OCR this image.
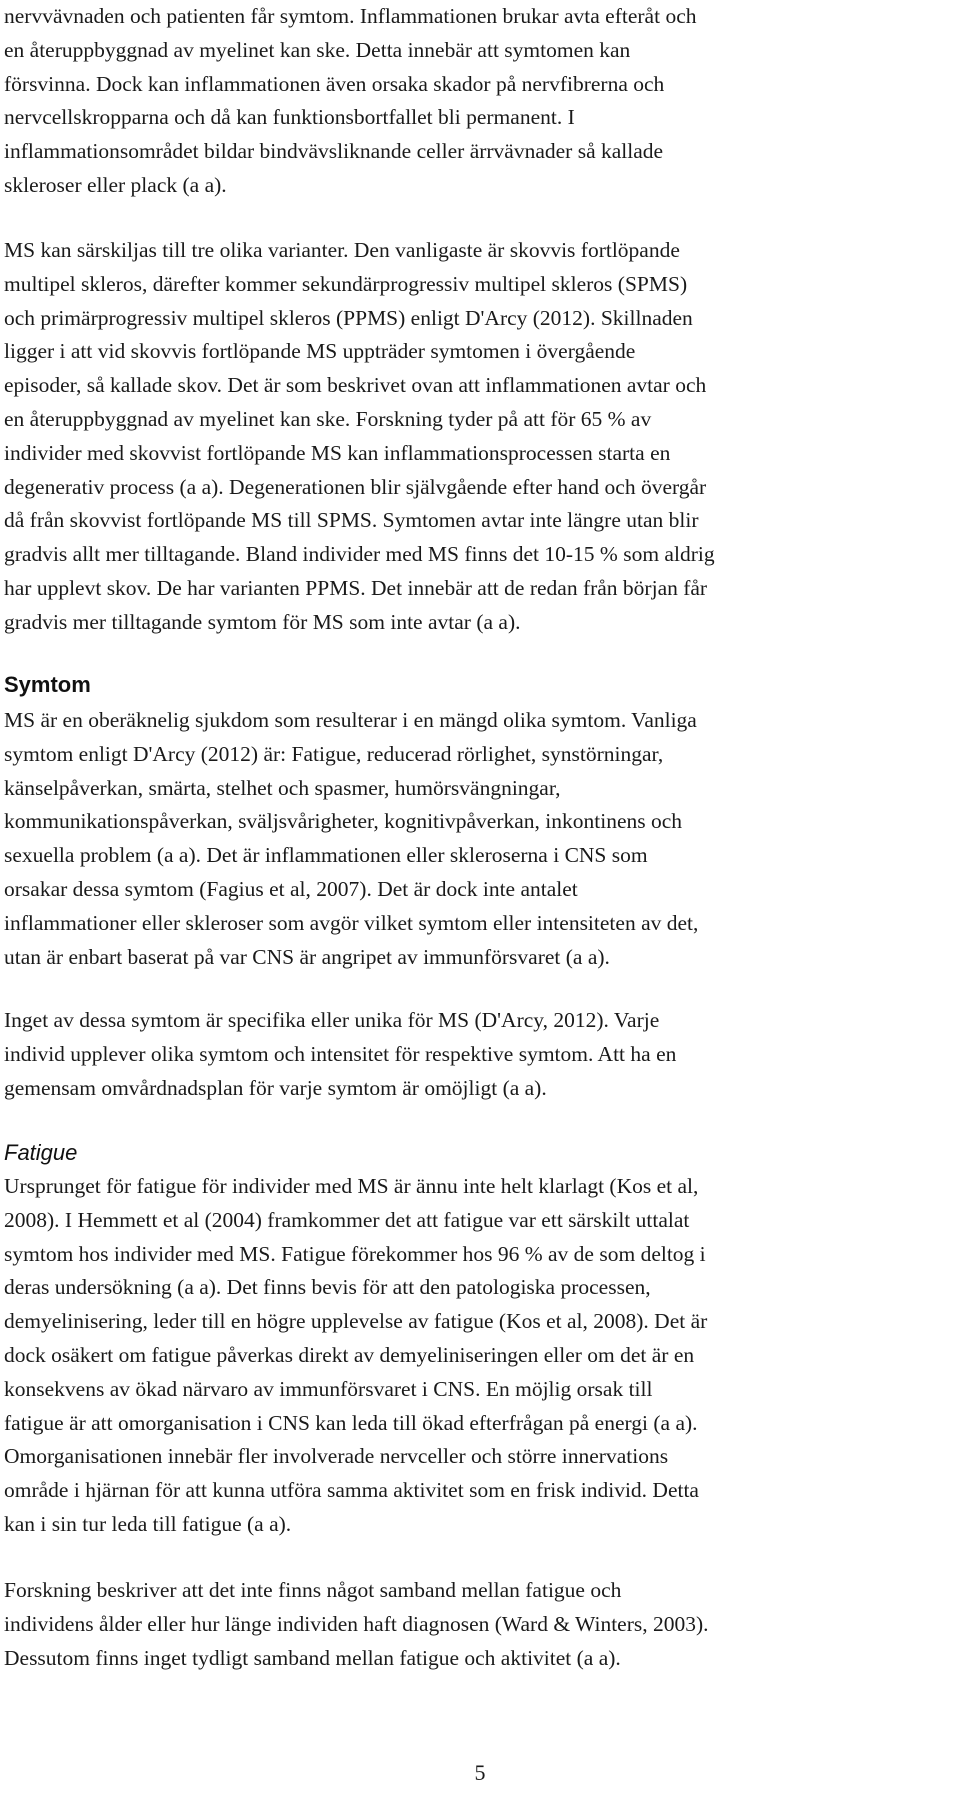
nervvävnaden och patienten får symtom. Inflammationen brukar avta efteråt och
en återuppbyggnad av myelinet kan ske. Detta innebär att symtomen kan
försvinna. Dock kan inflammationen även orsaka skador på nervfibrerna och
nervcellskropparna och då kan funktionsbortfallet bli permanent. I
inflammationsområdet bildar bindvävsliknande celler ärrvävnader så kallade
skleroser eller plack (a a).

MS kan särskiljas till tre olika varianter. Den vanligaste är skovvis fortlöpande
multipel skleros, därefter kommer sekundärprogressiv multipel skleros (SPMS)
och primärprogressiv multipel skleros (PPMS) enligt D'Arcy (2012). Skillnaden
ligger i att vid skovvis fortlöpande MS uppträder symtomen i övergående
episoder, så kallade skov. Det är som beskrivet ovan att inflammationen avtar och
en återuppbyggnad av myelinet kan ske. Forskning tyder på att för 65 % av
individer med skovvist fortlöpande MS kan inflammationsprocessen starta en
degenerativ process (a a). Degenerationen blir självgående efter hand och övergår
då från skovvist fortlöpande MS till SPMS. Symtomen avtar inte längre utan blir
gradvis allt mer tilltagande. Bland individer med MS finns det 10-15 % som aldrig
har upplevt skov. De har varianten PPMS. Det innebär att de redan från början får
gradvis mer tilltagande symtom för MS som inte avtar (a a).

Symtom

MS är en oberäknelig sjukdom som resulterar i en mängd olika symtom. Vanliga
symtom enligt D'Arcy (2012) är: Fatigue, reducerad rörlighet, synstörningar,
känselpåverkan, smärta, stelhet och spasmer, humörsvängningar,
kommunikationspåverkan, sväljsvårigheter, kognitivpåverkan, inkontinens och
sexuella problem (a a). Det är inflammationen eller skleroserna i CNS som
orsakar dessa symtom (Fagius et al, 2007). Det är dock inte antalet
inflammationer eller skleroser som avgör vilket symtom eller intensiteten av det,
utan är enbart baserat på var CNS är angripet av immunförsvaret (a a).

Inget av dessa symtom är specifika eller unika för MS (D'Arcy, 2012). Varje
individ upplever olika symtom och intensitet för respektive symtom. Att ha en
gemensam omvårdnadsplan för varje symtom är omöjligt (a a).

Fatigue

Ursprunget för fatigue för individer med MS är ännu inte helt klarlagt (Kos et al,
2008). I Hemmett et al (2004) framkommer det att fatigue var ett särskilt uttalat
symtom hos individer med MS. Fatigue förekommer hos 96 % av de som deltog i
deras undersökning (a a). Det finns bevis för att den patologiska processen,
demyelinisering, leder till en högre upplevelse av fatigue (Kos et al, 2008). Det är
dock osäkert om fatigue påverkas direkt av demyeliniseringen eller om det är en
konsekvens av ökad närvaro av immunförsvaret i CNS. En möjlig orsak till
fatigue är att omorganisation i CNS kan leda till ökad efterfrågan på energi (a a).
Omorganisationen innebär fler involverade nervceller och större innervations
område i hjärnan för att kunna utföra samma aktivitet som en frisk individ. Detta
kan i sin tur leda till fatigue (a a).

Forskning beskriver att det inte finns något samband mellan fatigue och
individens ålder eller hur länge individen haft diagnosen (Ward & Winters, 2003).
Dessutom finns inget tydligt samband mellan fatigue och aktivitet (a a).

5
